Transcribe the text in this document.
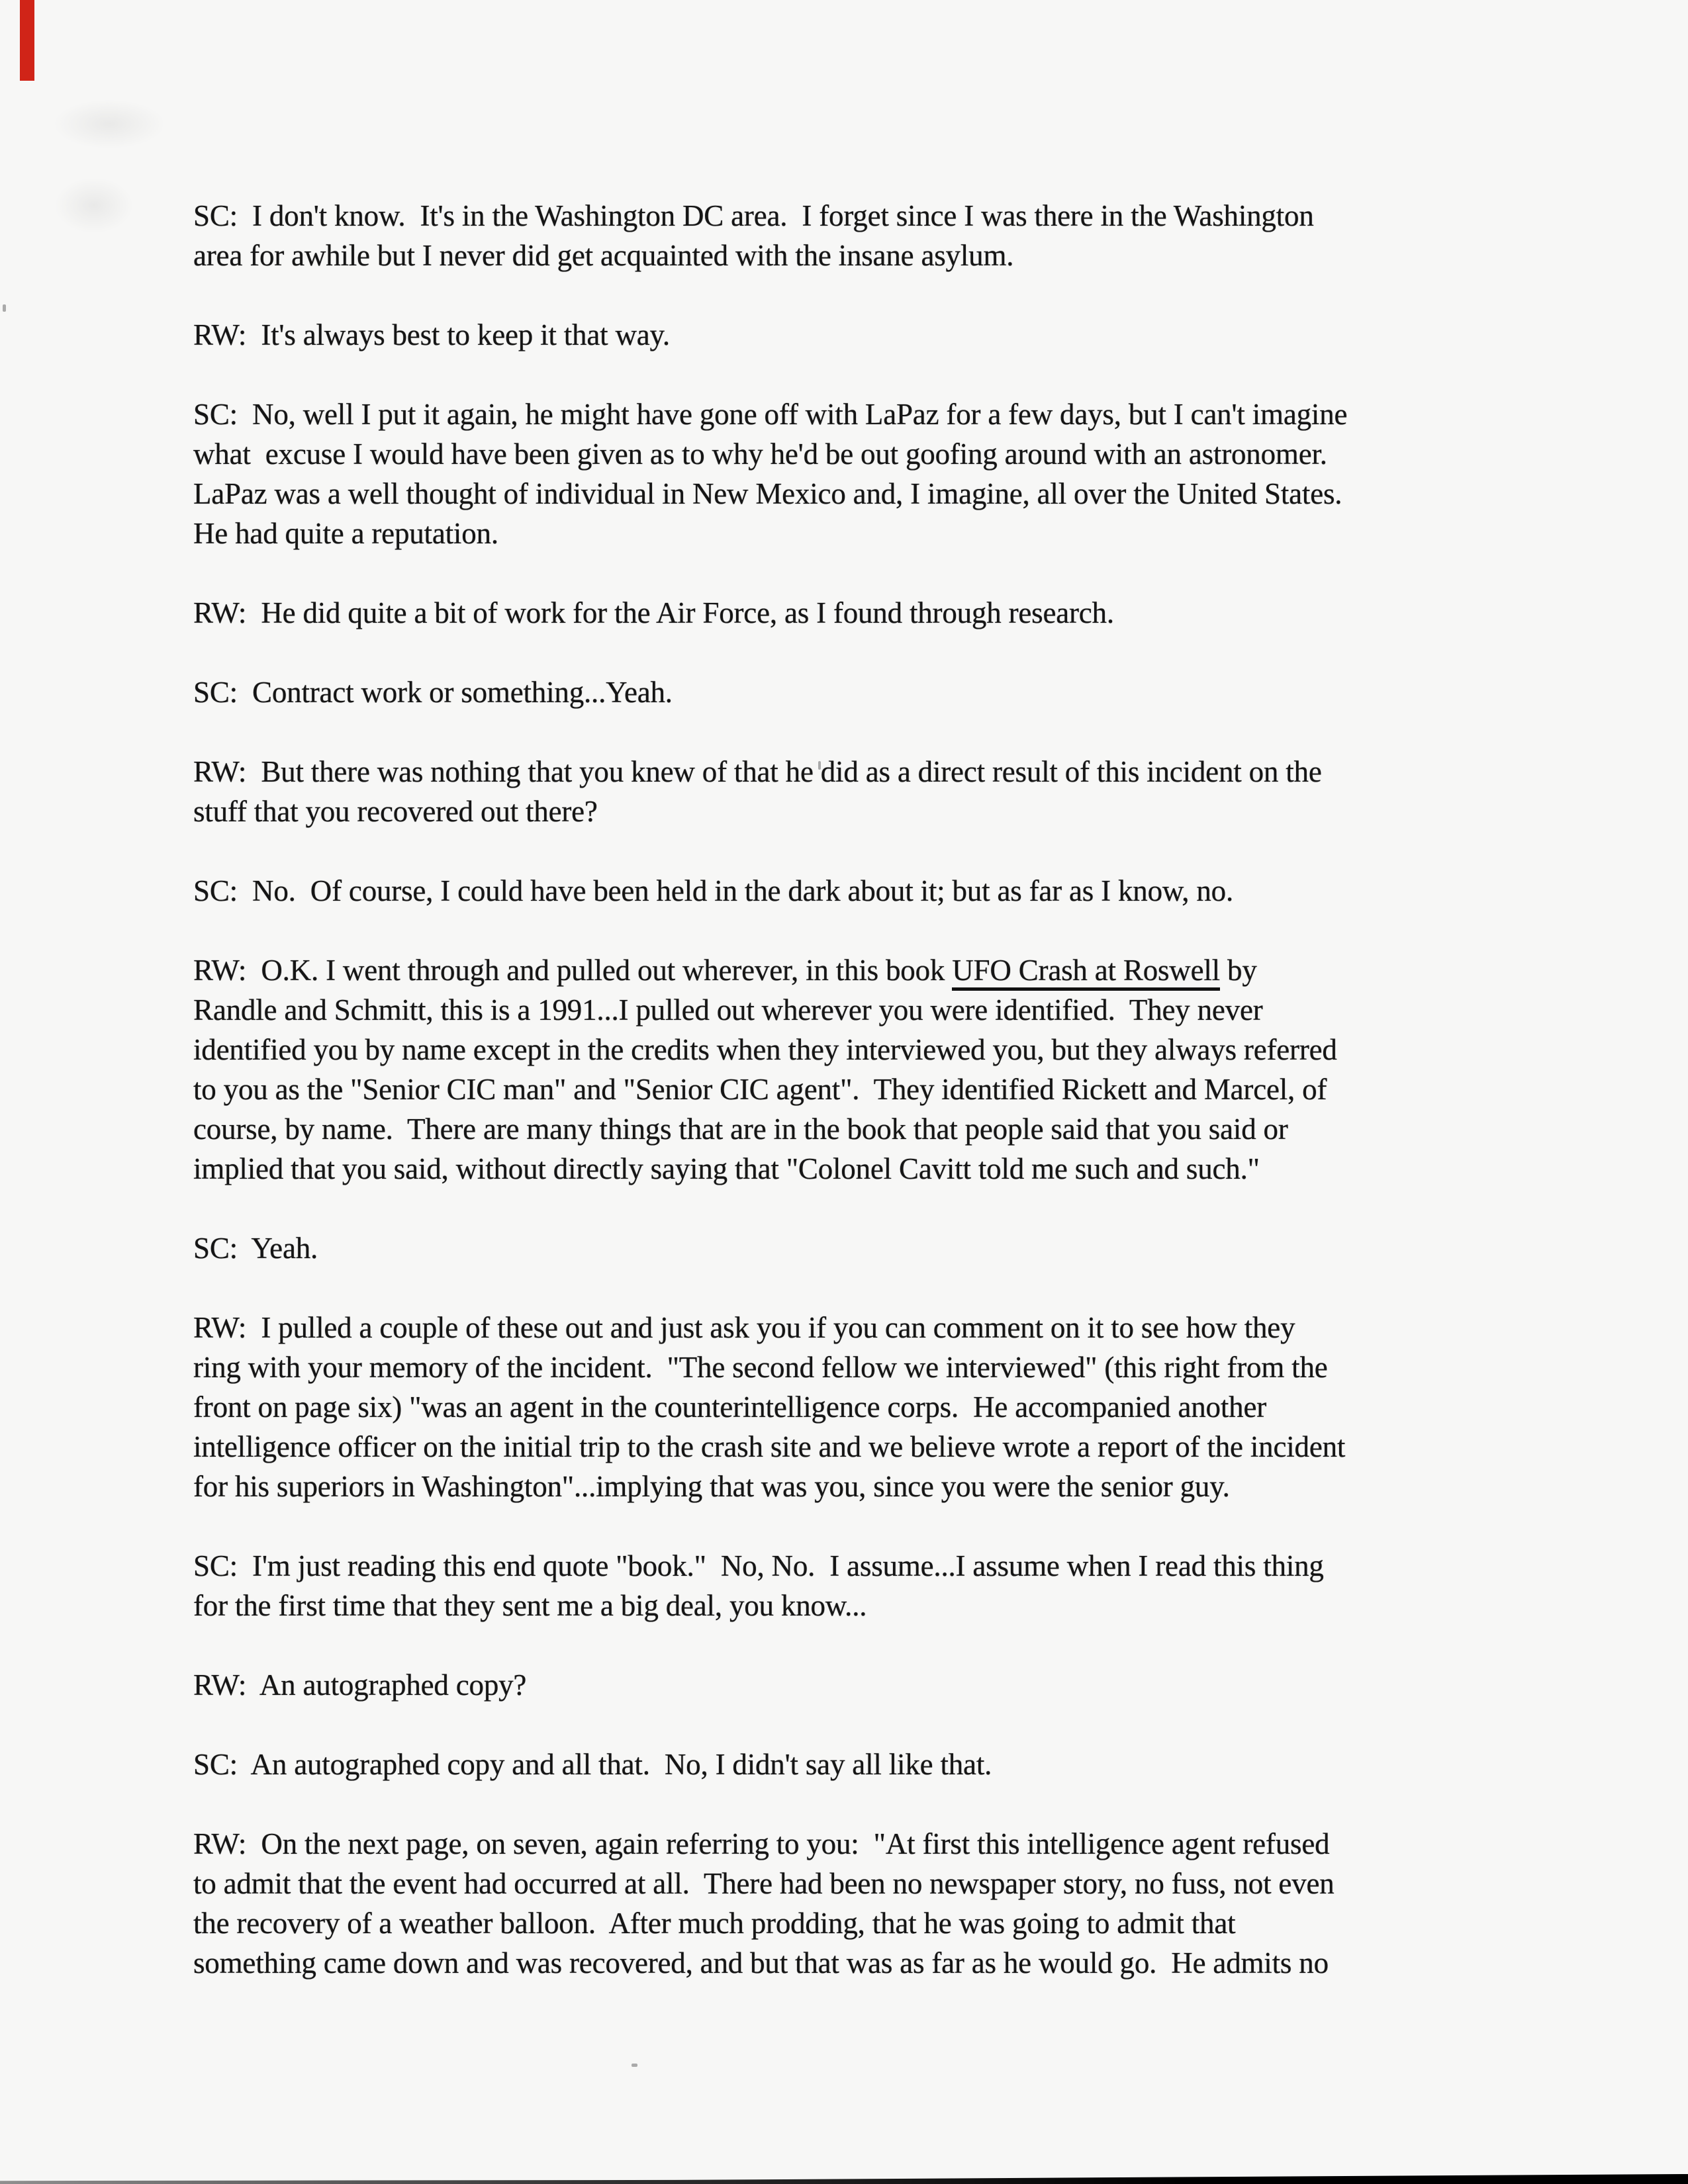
SC:  I don't know.  It's in the Washington DC area.  I forget since I was there in the Washington
area for awhile but I never did get acquainted with the insane asylum.
RW:  It's always best to keep it that way.
SC:  No, well I put it again, he might have gone off with LaPaz for a few days, but I can't imagine
what  excuse I would have been given as to why he'd be out goofing around with an astronomer.
LaPaz was a well thought of individual in New Mexico and, I imagine, all over the United States.
He had quite a reputation.
RW:  He did quite a bit of work for the Air Force, as I found through research.
SC:  Contract work or something...Yeah.
RW:  But there was nothing that you knew of that he did as a direct result of this incident on the
stuff that you recovered out there?
SC:  No.  Of course, I could have been held in the dark about it; but as far as I know, no.
RW:  O.K. I went through and pulled out wherever, in this book UFO Crash at Roswell by
Randle and Schmitt, this is a 1991...I pulled out wherever you were identified.  They never
identified you by name except in the credits when they interviewed you, but they always referred
to you as the "Senior CIC man" and "Senior CIC agent".  They identified Rickett and Marcel, of
course, by name.  There are many things that are in the book that people said that you said or
implied that you said, without directly saying that "Colonel Cavitt told me such and such."
SC:  Yeah.
RW:  I pulled a couple of these out and just ask you if you can comment on it to see how they
ring with your memory of the incident.  "The second fellow we interviewed" (this right from the
front on page six) "was an agent in the counterintelligence corps.  He accompanied another
intelligence officer on the initial trip to the crash site and we believe wrote a report of the incident
for his superiors in Washington"...implying that was you, since you were the senior guy.
SC:  I'm just reading this end quote "book."  No, No.  I assume...I assume when I read this thing
for the first time that they sent me a big deal, you know...
RW:  An autographed copy?
SC:  An autographed copy and all that.  No, I didn't say all like that.
RW:  On the next page, on seven, again referring to you:  "At first this intelligence agent refused
to admit that the event had occurred at all.  There had been no newspaper story, no fuss, not even
the recovery of a weather balloon.  After much prodding, that he was going to admit that
something came down and was recovered, and but that was as far as he would go.  He admits no
